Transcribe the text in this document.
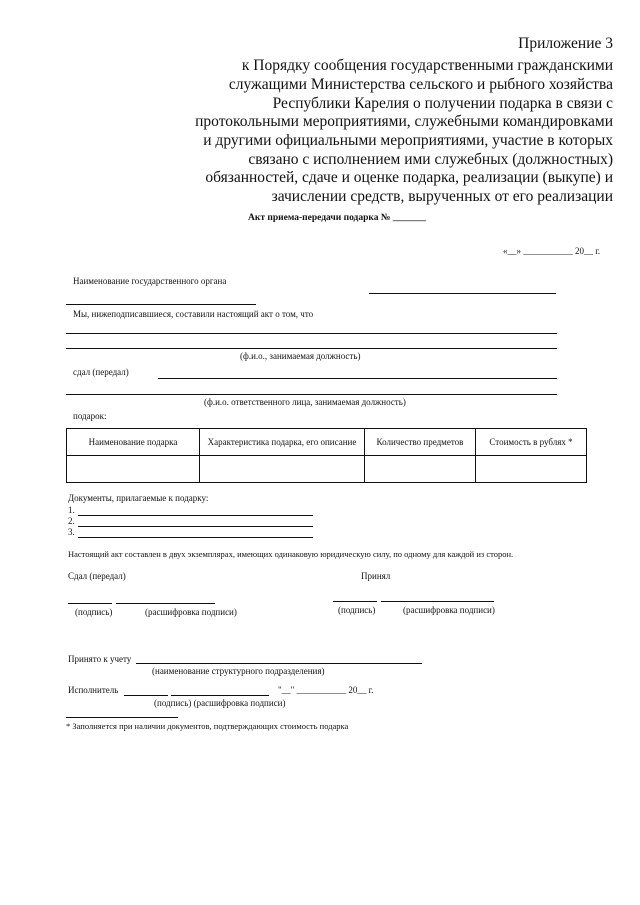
Приложение 3
к Порядку сообщения государственными гражданскими
служащими Министерства сельского и рыбного хозяйства
Республики Карелия о получении подарка в связи с
протокольными мероприятиями, служебными командировками
и другими официальными мероприятиями, участие в которых
связано с исполнением ими служебных (должностных)
обязанностей, сдаче и оценке подарка, реализации (выкупе) и
зачислении средств, вырученных от его реализации
Акт приема-передачи подарка № _______
«__» ___________ 20__ г.
Наименование государственного органа
Мы, нижеподписавшиеся, составили настоящий акт о том, что
(ф.и.о., занимаемая должность)
сдал (передал)
(ф.и.о. ответственного лица, занимаемая должность)
подарок:
Наименование подарка	Характеристика подарка, его описание	Количество предметов	Стоимость в рублях *

Документы, прилагаемые к подарку:
1.
2.
3.
Настоящий акт составлен в двух экземплярах, имеющих одинаковую юридическую силу, по одному для каждой из сторон.
Сдал (передал)	Принял
(подпись)	(расшифровка подписи)	(подпись)	(расшифровка подписи)
Принято к учету
(наименование структурного подразделения)
Исполнитель	"__" ___________ 20__ г.
(подпись) (расшифровка подписи)
* Заполняется при наличии документов, подтверждающих стоимость подарка
